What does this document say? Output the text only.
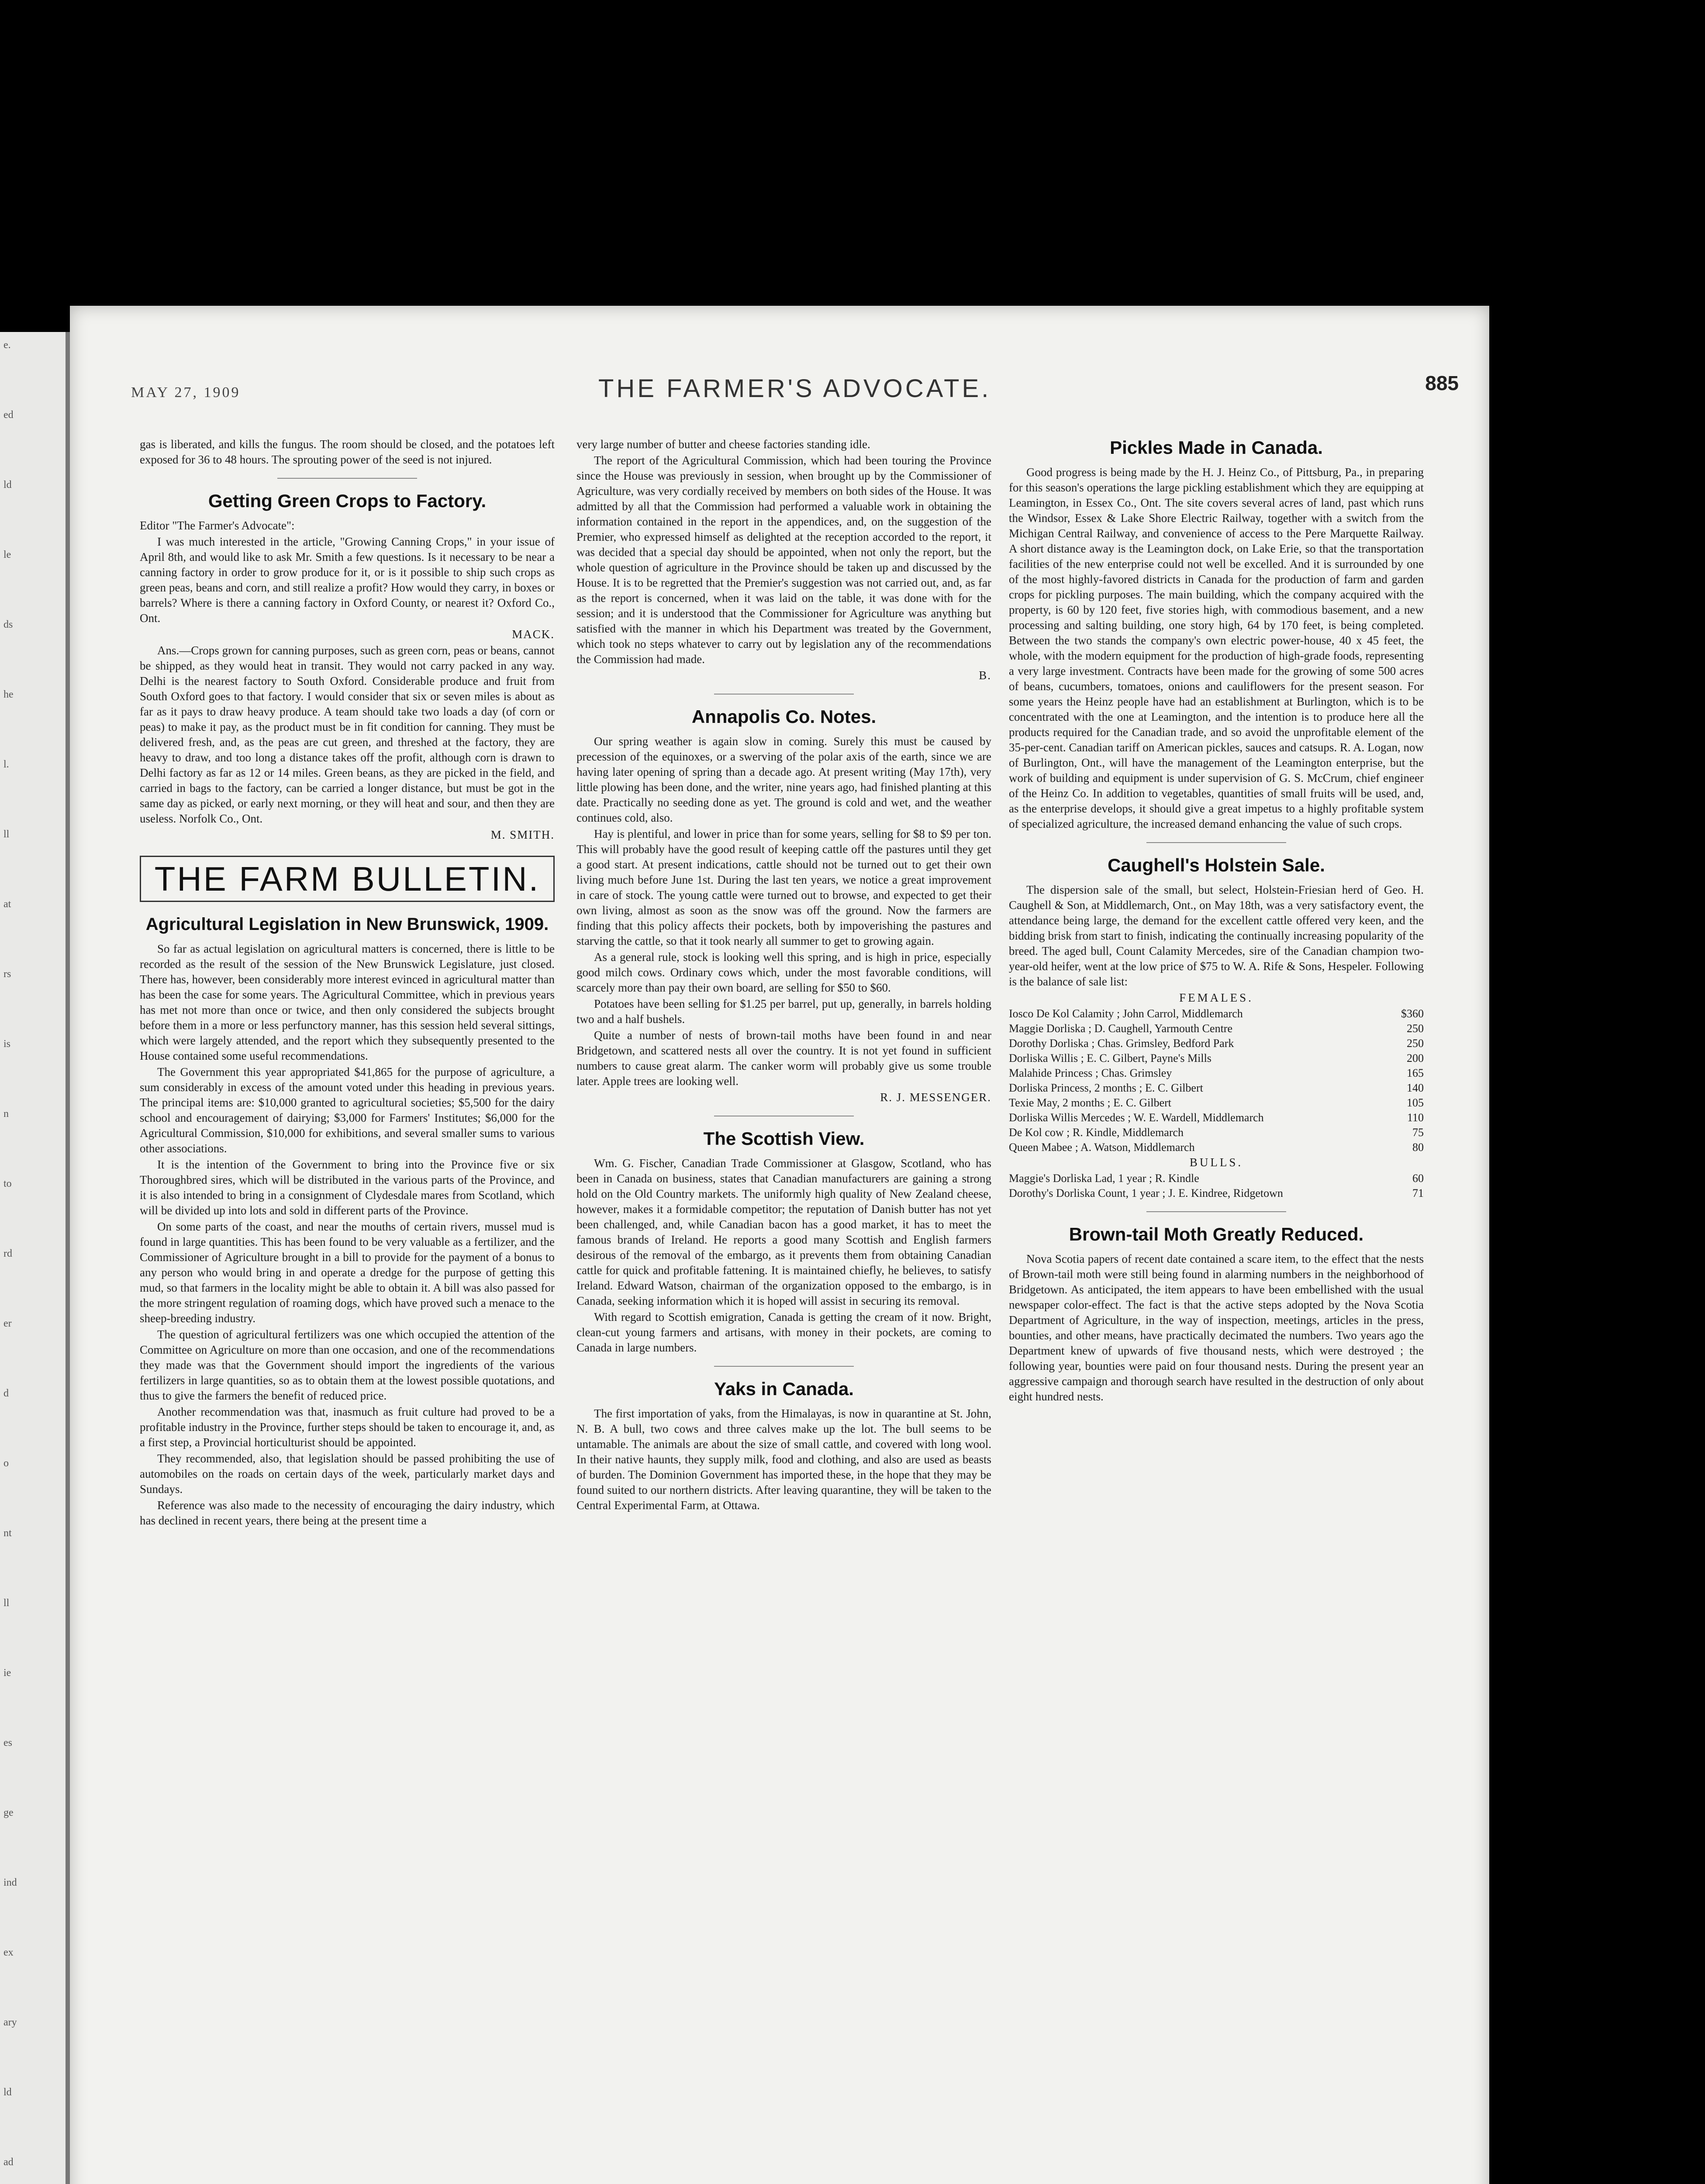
e.
ed
ld
le
ds
he
l.
ll
at
rs
is
n
to
rd
er
d
o
nt
ll
ie
es
ge
ind
ex
ary
ld
ad
MAY 27, 1909	THE FARMER'S ADVOCATE.	885

gas is liberated, and kills the fungus. The room should be closed, and the potatoes left exposed for 36 to 48 hours. The sprouting power of the seed is not injured.

Getting Green Crops to Factory.

Editor "The Farmer's Advocate":

I was much interested in the article, "Growing Canning Crops," in your issue of April 8th, and would like to ask Mr. Smith a few questions. Is it necessary to be near a canning factory in order to grow produce for it, or is it possible to ship such crops as green peas, beans and corn, and still realize a profit? How would they carry, in boxes or barrels? Where is there a canning factory in Oxford County, or nearest it? Oxford Co., Ont.

MACK.

Ans.—Crops grown for canning purposes, such as green corn, peas or beans, cannot be shipped, as they would heat in transit. They would not carry packed in any way. Delhi is the nearest factory to South Oxford. Considerable produce and fruit from South Oxford goes to that factory. I would consider that six or seven miles is about as far as it pays to draw heavy produce. A team should take two loads a day (of corn or peas) to make it pay, as the product must be in fit condition for canning. They must be delivered fresh, and, as the peas are cut green, and threshed at the factory, they are heavy to draw, and too long a distance takes off the profit, although corn is drawn to Delhi factory as far as 12 or 14 miles. Green beans, as they are picked in the field, and carried in bags to the factory, can be carried a longer distance, but must be got in the same day as picked, or early next morning, or they will heat and sour, and then they are useless. Norfolk Co., Ont.

M. SMITH.

THE FARM BULLETIN.
Agricultural Legislation in New Brunswick, 1909.

So far as actual legislation on agricultural matters is concerned, there is little to be recorded as the result of the session of the New Brunswick Legislature, just closed. There has, however, been considerably more interest evinced in agricultural matter than has been the case for some years. The Agricultural Committee, which in previous years has met not more than once or twice, and then only considered the subjects brought before them in a more or less perfunctory manner, has this session held several sittings, which were largely attended, and the report which they subsequently presented to the House contained some useful recommendations.

The Government this year appropriated $41,865 for the purpose of agriculture, a sum considerably in excess of the amount voted under this heading in previous years. The principal items are: $10,000 granted to agricultural societies; $5,500 for the dairy school and encouragement of dairying; $3,000 for Farmers' Institutes; $6,000 for the Agricultural Commission, $10,000 for exhibitions, and several smaller sums to various other associations.

It is the intention of the Government to bring into the Province five or six Thoroughbred sires, which will be distributed in the various parts of the Province, and it is also intended to bring in a consignment of Clydesdale mares from Scotland, which will be divided up into lots and sold in different parts of the Province.

On some parts of the coast, and near the mouths of certain rivers, mussel mud is found in large quantities. This has been found to be very valuable as a fertilizer, and the Commissioner of Agriculture brought in a bill to provide for the payment of a bonus to any person who would bring in and operate a dredge for the purpose of getting this mud, so that farmers in the locality might be able to obtain it. A bill was also passed for the more stringent regulation of roaming dogs, which have proved such a menace to the sheep-breeding industry.

The question of agricultural fertilizers was one which occupied the attention of the Committee on Agriculture on more than one occasion, and one of the recommendations they made was that the Government should import the ingredients of the various fertilizers in large quantities, so as to obtain them at the lowest possible quotations, and thus to give the farmers the benefit of reduced price.

Another recommendation was that, inasmuch as fruit culture had proved to be a profitable industry in the Province, further steps should be taken to encourage it, and, as a first step, a Provincial horticulturist should be appointed.

They recommended, also, that legislation should be passed prohibiting the use of automobiles on the roads on certain days of the week, particularly market days and Sundays.

Reference was also made to the necessity of encouraging the dairy industry, which has declined in recent years, there being at the present time a

very large number of butter and cheese factories standing idle.

The report of the Agricultural Commission, which had been touring the Province since the House was previously in session, when brought up by the Commissioner of Agriculture, was very cordially received by members on both sides of the House. It was admitted by all that the Commission had performed a valuable work in obtaining the information contained in the report in the appendices, and, on the suggestion of the Premier, who expressed himself as delighted at the reception accorded to the report, it was decided that a special day should be appointed, when not only the report, but the whole question of agriculture in the Province should be taken up and discussed by the House. It is to be regretted that the Premier's suggestion was not carried out, and, as far as the report is concerned, when it was laid on the table, it was done with for the session; and it is understood that the Commissioner for Agriculture was anything but satisfied with the manner in which his Department was treated by the Government, which took no steps whatever to carry out by legislation any of the recommendations the Commission had made.

B.

Annapolis Co. Notes.

Our spring weather is again slow in coming. Surely this must be caused by precession of the equinoxes, or a swerving of the polar axis of the earth, since we are having later opening of spring than a decade ago. At present writing (May 17th), very little plowing has been done, and the writer, nine years ago, had finished planting at this date. Practically no seeding done as yet. The ground is cold and wet, and the weather continues cold, also.

Hay is plentiful, and lower in price than for some years, selling for $8 to $9 per ton. This will probably have the good result of keeping cattle off the pastures until they get a good start. At present indications, cattle should not be turned out to get their own living much before June 1st. During the last ten years, we notice a great improvement in care of stock. The young cattle were turned out to browse, and expected to get their own living, almost as soon as the snow was off the ground. Now the farmers are finding that this policy affects their pockets, both by impoverishing the pastures and starving the cattle, so that it took nearly all summer to get to growing again.

As a general rule, stock is looking well this spring, and is high in price, especially good milch cows. Ordinary cows which, under the most favorable conditions, will scarcely more than pay their own board, are selling for $50 to $60.

Potatoes have been selling for $1.25 per barrel, put up, generally, in barrels holding two and a half bushels.

Quite a number of nests of brown-tail moths have been found in and near Bridgetown, and scattered nests all over the country. It is not yet found in sufficient numbers to cause great alarm. The canker worm will probably give us some trouble later. Apple trees are looking well.

R. J. MESSENGER.

The Scottish View.

Wm. G. Fischer, Canadian Trade Commissioner at Glasgow, Scotland, who has been in Canada on business, states that Canadian manufacturers are gaining a strong hold on the Old Country markets. The uniformly high quality of New Zealand cheese, however, makes it a formidable competitor; the reputation of Danish butter has not yet been challenged, and, while Canadian bacon has a good market, it has to meet the famous brands of Ireland. He reports a good many Scottish and English farmers desirous of the removal of the embargo, as it prevents them from obtaining Canadian cattle for quick and profitable fattening. It is maintained chiefly, he believes, to satisfy Ireland. Edward Watson, chairman of the organization opposed to the embargo, is in Canada, seeking information which it is hoped will assist in securing its removal.

With regard to Scottish emigration, Canada is getting the cream of it now. Bright, clean-cut young farmers and artisans, with money in their pockets, are coming to Canada in large numbers.

Yaks in Canada.

The first importation of yaks, from the Himalayas, is now in quarantine at St. John, N. B. A bull, two cows and three calves make up the lot. The bull seems to be untamable. The animals are about the size of small cattle, and covered with long wool. In their native haunts, they supply milk, food and clothing, and also are used as beasts of burden. The Dominion Government has imported these, in the hope that they may be found suited to our northern districts. After leaving quarantine, they will be taken to the Central Experimental Farm, at Ottawa.

Pickles Made in Canada.

Good progress is being made by the H. J. Heinz Co., of Pittsburg, Pa., in preparing for this season's operations the large pickling establishment which they are equipping at Leamington, in Essex Co., Ont. The site covers several acres of land, past which runs the Windsor, Essex & Lake Shore Electric Railway, together with a switch from the Michigan Central Railway, and convenience of access to the Pere Marquette Railway. A short distance away is the Leamington dock, on Lake Erie, so that the transportation facilities of the new enterprise could not well be excelled. And it is surrounded by one of the most highly-favored districts in Canada for the production of farm and garden crops for pickling purposes. The main building, which the company acquired with the property, is 60 by 120 feet, five stories high, with commodious basement, and a new processing and salting building, one story high, 64 by 170 feet, is being completed. Between the two stands the company's own electric power-house, 40 x 45 feet, the whole, with the modern equipment for the production of high-grade foods, representing a very large investment. Contracts have been made for the growing of some 500 acres of beans, cucumbers, tomatoes, onions and cauliflowers for the present season. For some years the Heinz people have had an establishment at Burlington, which is to be concentrated with the one at Leamington, and the intention is to produce here all the products required for the Canadian trade, and so avoid the unprofitable element of the 35-per-cent. Canadian tariff on American pickles, sauces and catsups. R. A. Logan, now of Burlington, Ont., will have the management of the Leamington enterprise, but the work of building and equipment is under supervision of G. S. McCrum, chief engineer of the Heinz Co. In addition to vegetables, quantities of small fruits will be used, and, as the enterprise develops, it should give a great impetus to a highly profitable system of specialized agriculture, the increased demand enhancing the value of such crops.

Caughell's Holstein Sale.

The dispersion sale of the small, but select, Holstein-Friesian herd of Geo. H. Caughell & Son, at Middlemarch, Ont., on May 18th, was a very satisfactory event, the attendance being large, the demand for the excellent cattle offered very keen, and the bidding brisk from start to finish, indicating the continually increasing popularity of the breed. The aged bull, Count Calamity Mercedes, sire of the Canadian champion two-year-old heifer, went at the low price of $75 to W. A. Rife & Sons, Hespeler. Following is the balance of sale list:

FEMALES.

Iosco De Kol Calamity ; John Carrol, Middlemarch	$360
Maggie Dorliska ; D. Caughell, Yarmouth Centre	250
Dorothy Dorliska ; Chas. Grimsley, Bedford Park	250
Dorliska Willis ; E. C. Gilbert, Payne's Mills	200
Malahide Princess ; Chas. Grimsley	165
Dorliska Princess, 2 months ; E. C. Gilbert	140
Texie May, 2 months ; E. C. Gilbert	105
Dorliska Willis Mercedes ; W. E. Wardell, Middlemarch	110
De Kol cow ; R. Kindle, Middlemarch	75
Queen Mabee ; A. Watson, Middlemarch	80

BULLS.

Maggie's Dorliska Lad, 1 year ; R. Kindle	60
Dorothy's Dorliska Count, 1 year ; J. E. Kindree, Ridgetown	71
Brown-tail Moth Greatly Reduced.

Nova Scotia papers of recent date contained a scare item, to the effect that the nests of Brown-tail moth were still being found in alarming numbers in the neighborhood of Bridgetown. As anticipated, the item appears to have been embellished with the usual newspaper color-effect. The fact is that the active steps adopted by the Nova Scotia Department of Agriculture, in the way of inspection, meetings, articles in the press, bounties, and other means, have practically decimated the numbers. Two years ago the Department knew of upwards of five thousand nests, which were destroyed ; the following year, bounties were paid on four thousand nests. During the present year an aggressive campaign and thorough search have resulted in the destruction of only about eight hundred nests.
